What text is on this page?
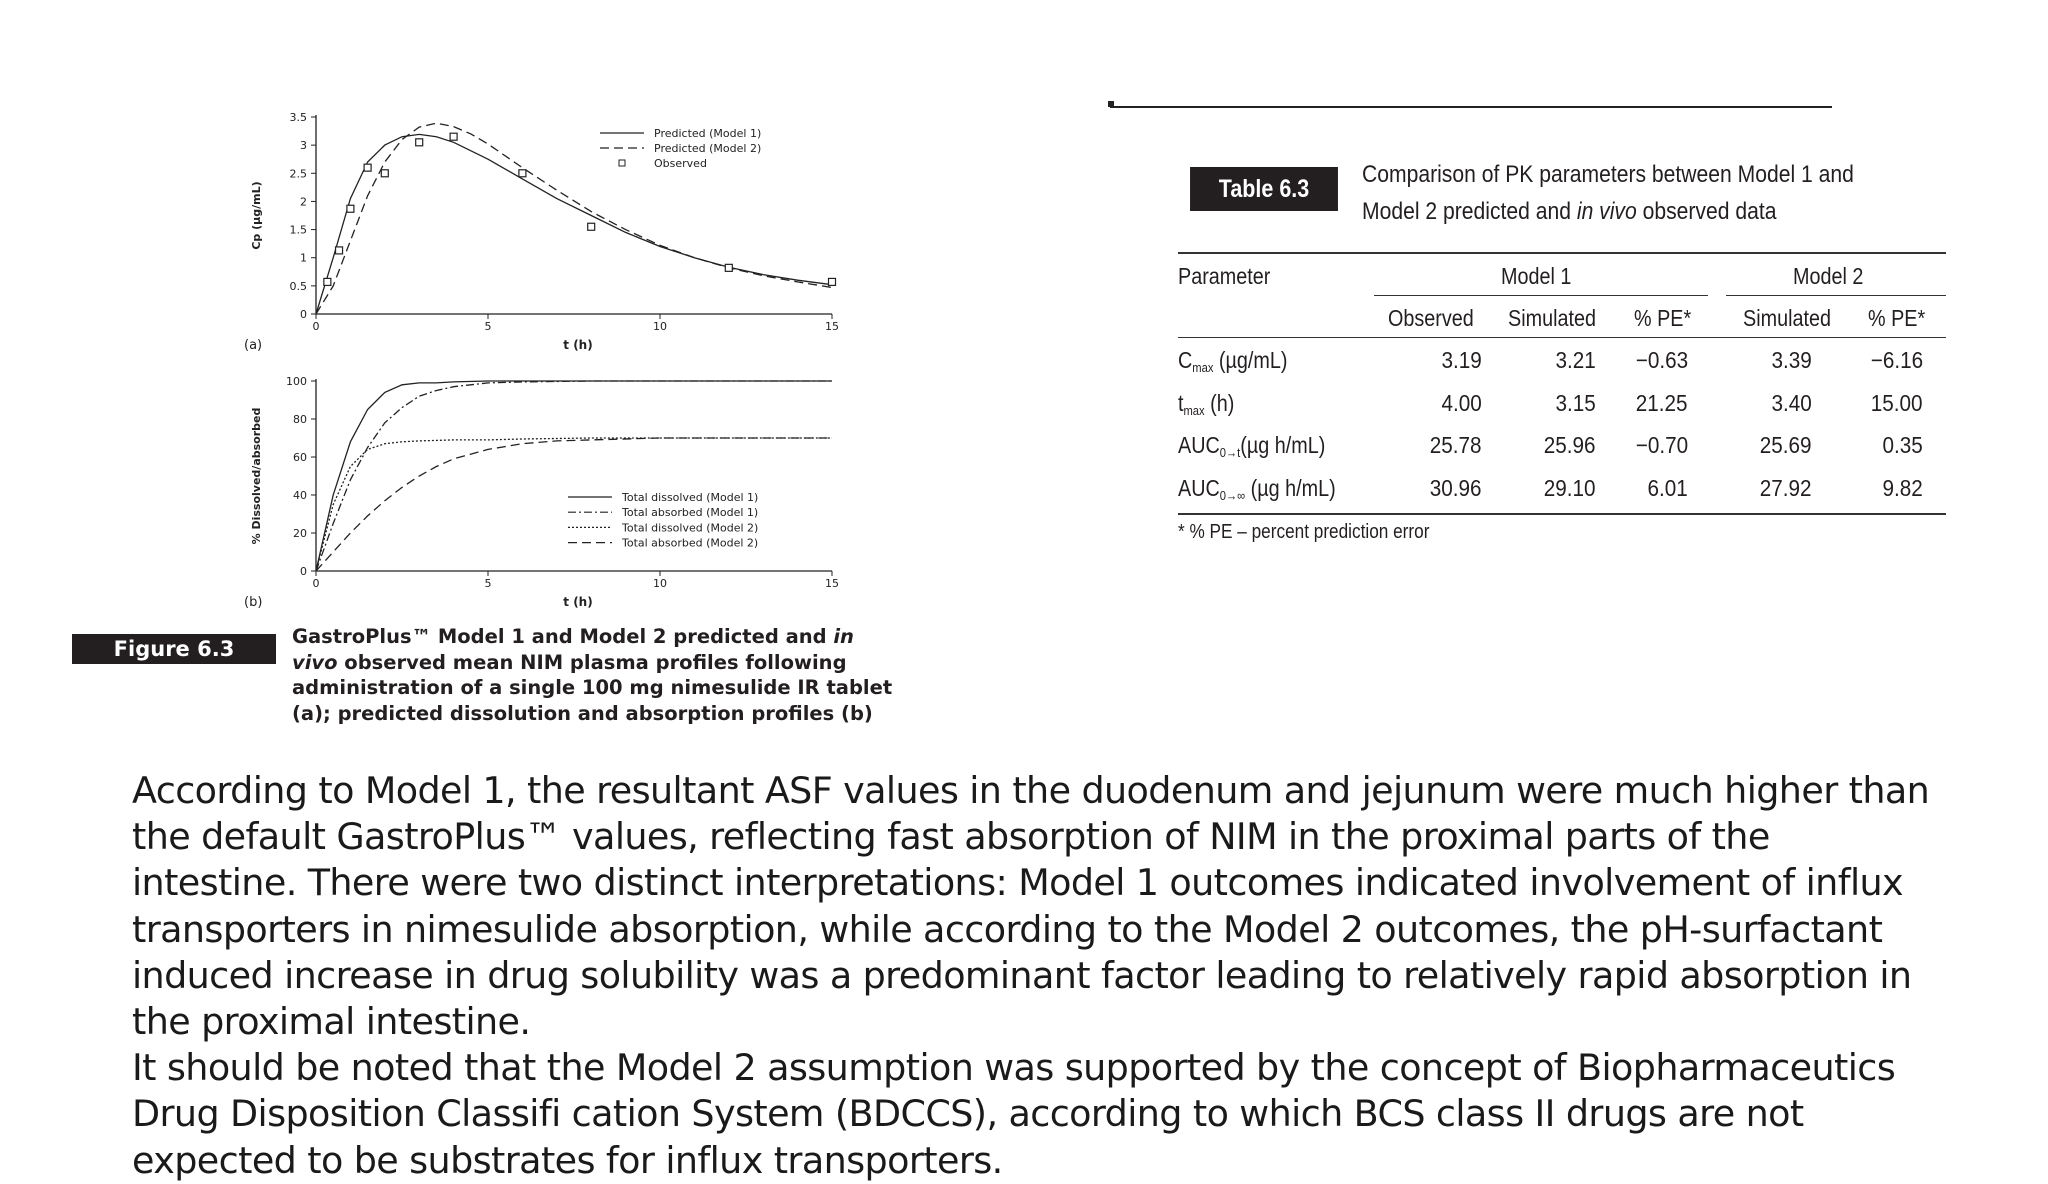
0	5	10	15
0
0.5
1
1.5
2
2.5
3
3.5
t (h)
Cp (µg/mL)
(a)
Predicted (Model 1)
Predicted (Model 2)
Observed
0	5	10	15
0
20
40
60
80
100
t (h)
% Dissolved/absorbed
(b)
Total dissolved (Model 1)
Total absorbed (Model 1)
Total dissolved (Model 2)
Total absorbed (Model 2)
Figure 6.3
GastroPlus™ Model 1 and Model 2 predicted and in
vivo observed mean NIM plasma profiles following
administration of a single 100 mg nimesulide IR tablet
(a); predicted dissolution and absorption profiles (b)
Table 6.3	Comparison of PK parameters between Model 1 and
Model 2 predicted and in vivo observed data
Parameter	Model 1	Model 2
Observed Simulated % PE* Simulated % PE*
$C_{max}$ (µg/mL)	3.19	3.21 −0.63	3.39	−6.16
$t_{max}$ (h)	4.00	3.15 21.25	3.40	15.00
$AUC_{0\to t}(\mu g$ h/mL)	25.78	25.96 −0.70	25.69	0.35
$AUC_{0\to\infty}$ (µg h/mL)	30.96	29.10 6.01	27.92	9.82
* % PE – percent prediction error

According to Model 1, the resultant ASF values in the duodenum and jejunum were much higher than
the default GastroPlus™ values, reflecting fast absorption of NIM in the proximal parts of the
intestine. There were two distinct interpretations: Model 1 outcomes indicated involvement of influx
transporters in nimesulide absorption, while according to the Model 2 outcomes, the pH-surfactant
induced increase in drug solubility was a predominant factor leading to relatively rapid absorption in
the proximal intestine.

It should be noted that the Model 2 assumption was supported by the concept of Biopharmaceutics
Drug Disposition Classifi cation System (BDCCS), according to which BCS class II drugs are not
expected to be substrates for influx transporters.
